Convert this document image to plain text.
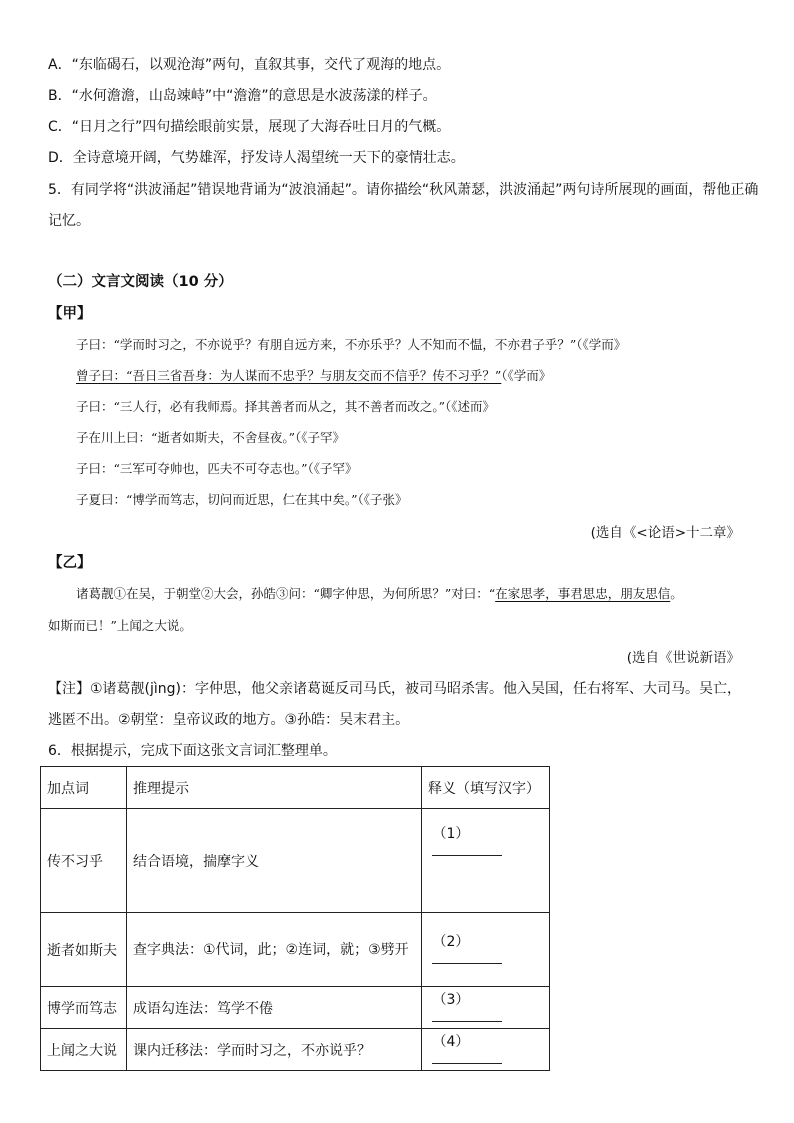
A．“东临碣石，以观沧海”两句，直叙其事，交代了观海的地点。
B．“水何澹澹，山岛竦峙”中“澹澹”的意思是水波荡漾的样子。
C．“日月之行”四句描绘眼前实景，展现了大海吞吐日月的气概。
D．全诗意境开阔，气势雄浑，抒发诗人渴望统一天下的豪情壮志。
5．有同学将“洪波涌起”错误地背诵为“波浪涌起”。请你描绘“秋风萧瑟，洪波涌起”两句诗所展现的画面，帮他正确
记忆。
（二）文言文阅读（10 分）
【甲】
子曰：“学而时习之，不亦说乎？有朋自远方来，不亦乐乎？人不知而不愠，不亦君子乎？”（《学而》
曾子曰：“吾日三省吾身：为人谋而不忠乎？与朋友交而不信乎？传不习乎？”（《学而》
子曰：“三人行，必有我师焉。择其善者而从之，其不善者而改之。”（《述而》
子在川上曰：“逝者如斯夫，不舍昼夜。”（《子罕》
子曰：“三军可夺帅也，匹夫不可夺志也。”（《子罕》
子夏曰：“博学而笃志，切问而近思，仁在其中矣。”（《子张》
(选自《<论语>十二章》
【乙】
诸葛靓①在吴，于朝堂②大会，孙皓③问：“卿字仲思，为何所思？”对曰：“在家思孝，事君思忠，朋友思信。
如斯而已！”上闻之大说。
(选自《世说新语》
【注】①诸葛靓(jìng)：字仲思，他父亲诸葛诞反司马氏，被司马昭杀害。他入吴国，任右将军、大司马。吴亡，
逃匿不出。②朝堂：皇帝议政的地方。③孙皓：吴末君主。
6．根据提示，完成下面这张文言词汇整理单。
加点词	推理提示	释义（填写汉字）
传不习乎	结合语境，揣摩字义	（1）
逝者如斯夫	查字典法：①代词，此；②连词，就；③劈开	（2）
博学而笃志	成语勾连法：笃学不倦	（3）
上闻之大说	课内迁移法：学而时习之，不亦说乎？	（4）
